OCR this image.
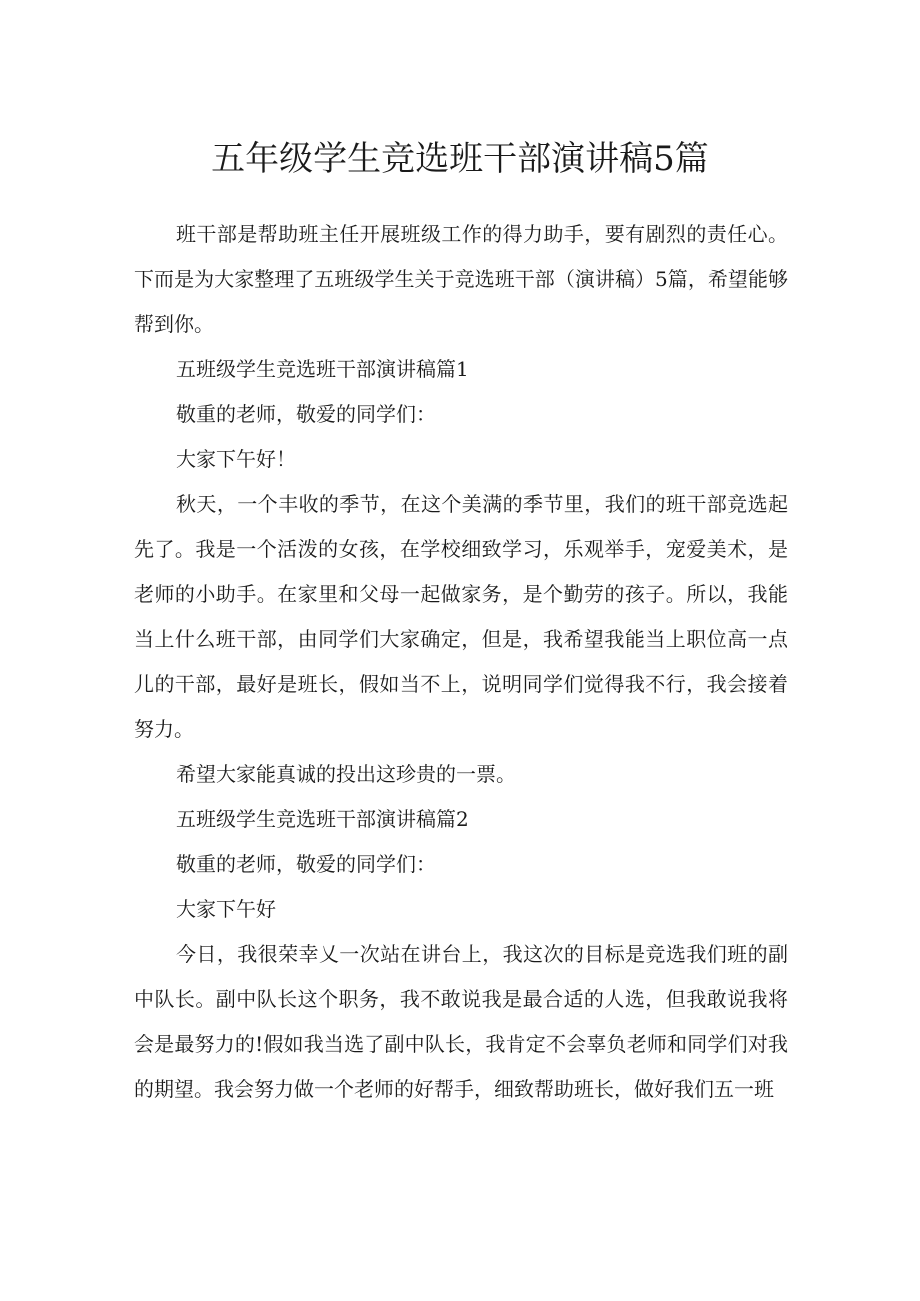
五年级学生竞选班干部演讲稿5篇

班干部是帮助班主任开展班级工作的得力助手，要有剧烈的责任心。下而是为大家整理了五班级学生关于竞选班干部（演讲稿）5篇，希望能够帮到你。

五班级学生竞选班干部演讲稿篇1

敬重的老师，敬爱的同学们：

大家下午好！

秋天，一个丰收的季节，在这个美满的季节里，我们的班干部竞选起先了。我是一个活泼的女孩，在学校细致学习，乐观举手，宠爱美术，是老师的小助手。在家里和父母一起做家务，是个勤劳的孩子。所以，我能当上什么班干部，由同学们大家确定，但是，我希望我能当上职位高一点儿的干部，最好是班长，假如当不上，说明同学们觉得我不行，我会接着努力。

希望大家能真诚的投出这珍贵的一票。

五班级学生竞选班干部演讲稿篇2

敬重的老师，敬爱的同学们：

大家下午好

今日，我很荣幸乂一次站在讲台上，我这次的目标是竞选我们班的副中队长。副中队长这个职务，我不敢说我是最合适的人选，但我敢说我将会是最努力的!假如我当选了副中队长，我肯定不会辜负老师和同学们对我的期望。我会努力做一个老师的好帮手，细致帮助班长，做好我们五一班
